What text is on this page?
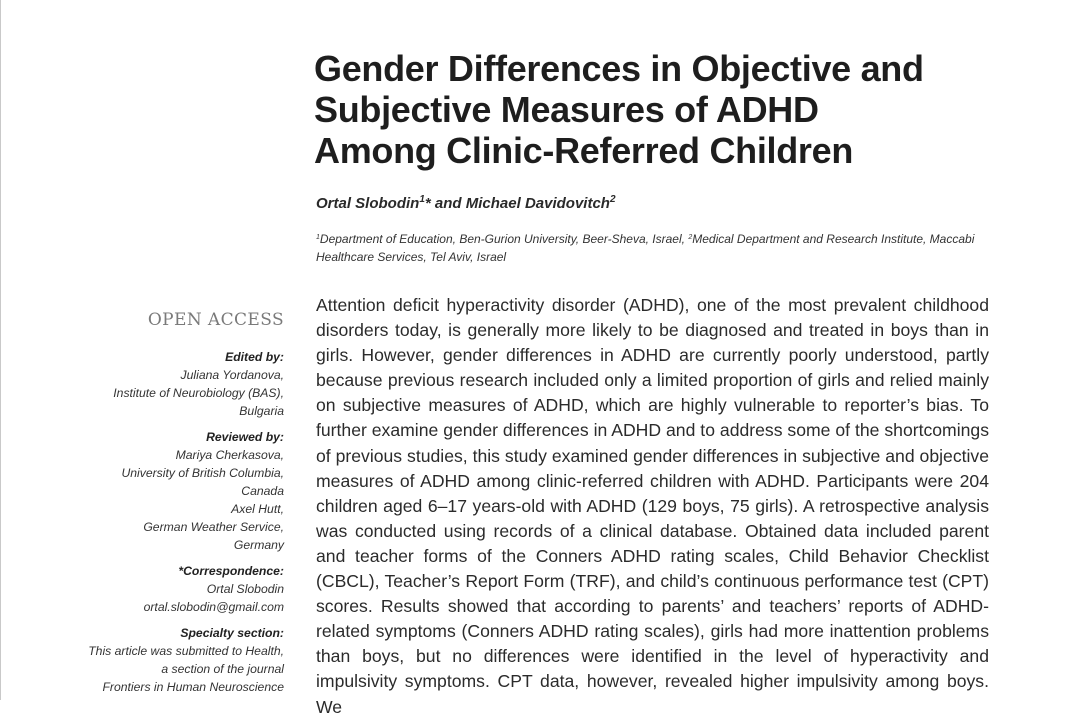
Gender Differences in Objective and
Subjective Measures of ADHD
Among Clinic-Referred Children
Ortal Slobodin$^1$* and Michael Davidovitch$^2$
$^1$Department of Education, Ben-Gurion University, Beer-Sheva, Israel, $^2$Medical Department and Research Institute, Maccabi Healthcare Services, Tel Aviv, Israel
OPEN ACCESS
Edited by:
Juliana Yordanova,
Institute of Neurobiology (BAS),
Bulgaria
Reviewed by:
Mariya Cherkasova,
University of British Columbia,
Canada
Axel Hutt,
German Weather Service,
Germany
*Correspondence:
Ortal Slobodin
ortal.slobodin@gmail.com
Specialty section:
This article was submitted to Health,
a section of the journal
Frontiers in Human Neuroscience

Attention deficit hyperactivity disorder (ADHD), one of the most prevalent childhood disorders today, is generally more likely to be diagnosed and treated in boys than in girls. However, gender differences in ADHD are currently poorly understood, partly because previous research included only a limited proportion of girls and relied mainly on subjective measures of ADHD, which are highly vulnerable to reporter’s bias. To further examine gender differences in ADHD and to address some of the shortcomings of previous studies, this study examined gender differences in subjective and objective measures of ADHD among clinic-referred children with ADHD. Participants were 204 children aged 6–17 years-old with ADHD (129 boys, 75 girls). A retrospective analysis was conducted using records of a clinical database. Obtained data included parent and teacher forms of the Conners ADHD rating scales, Child Behavior Checklist (CBCL), Teacher’s Report Form (TRF), and child’s continuous performance test (CPT) scores. Results showed that according to parents’ and teachers’ reports of ADHD-related symptoms (Conners ADHD rating scales), girls had more inattention problems than boys, but no differences were identified in the level of hyperactivity and impulsivity symptoms. CPT data, however, revealed higher impulsivity among boys. We
